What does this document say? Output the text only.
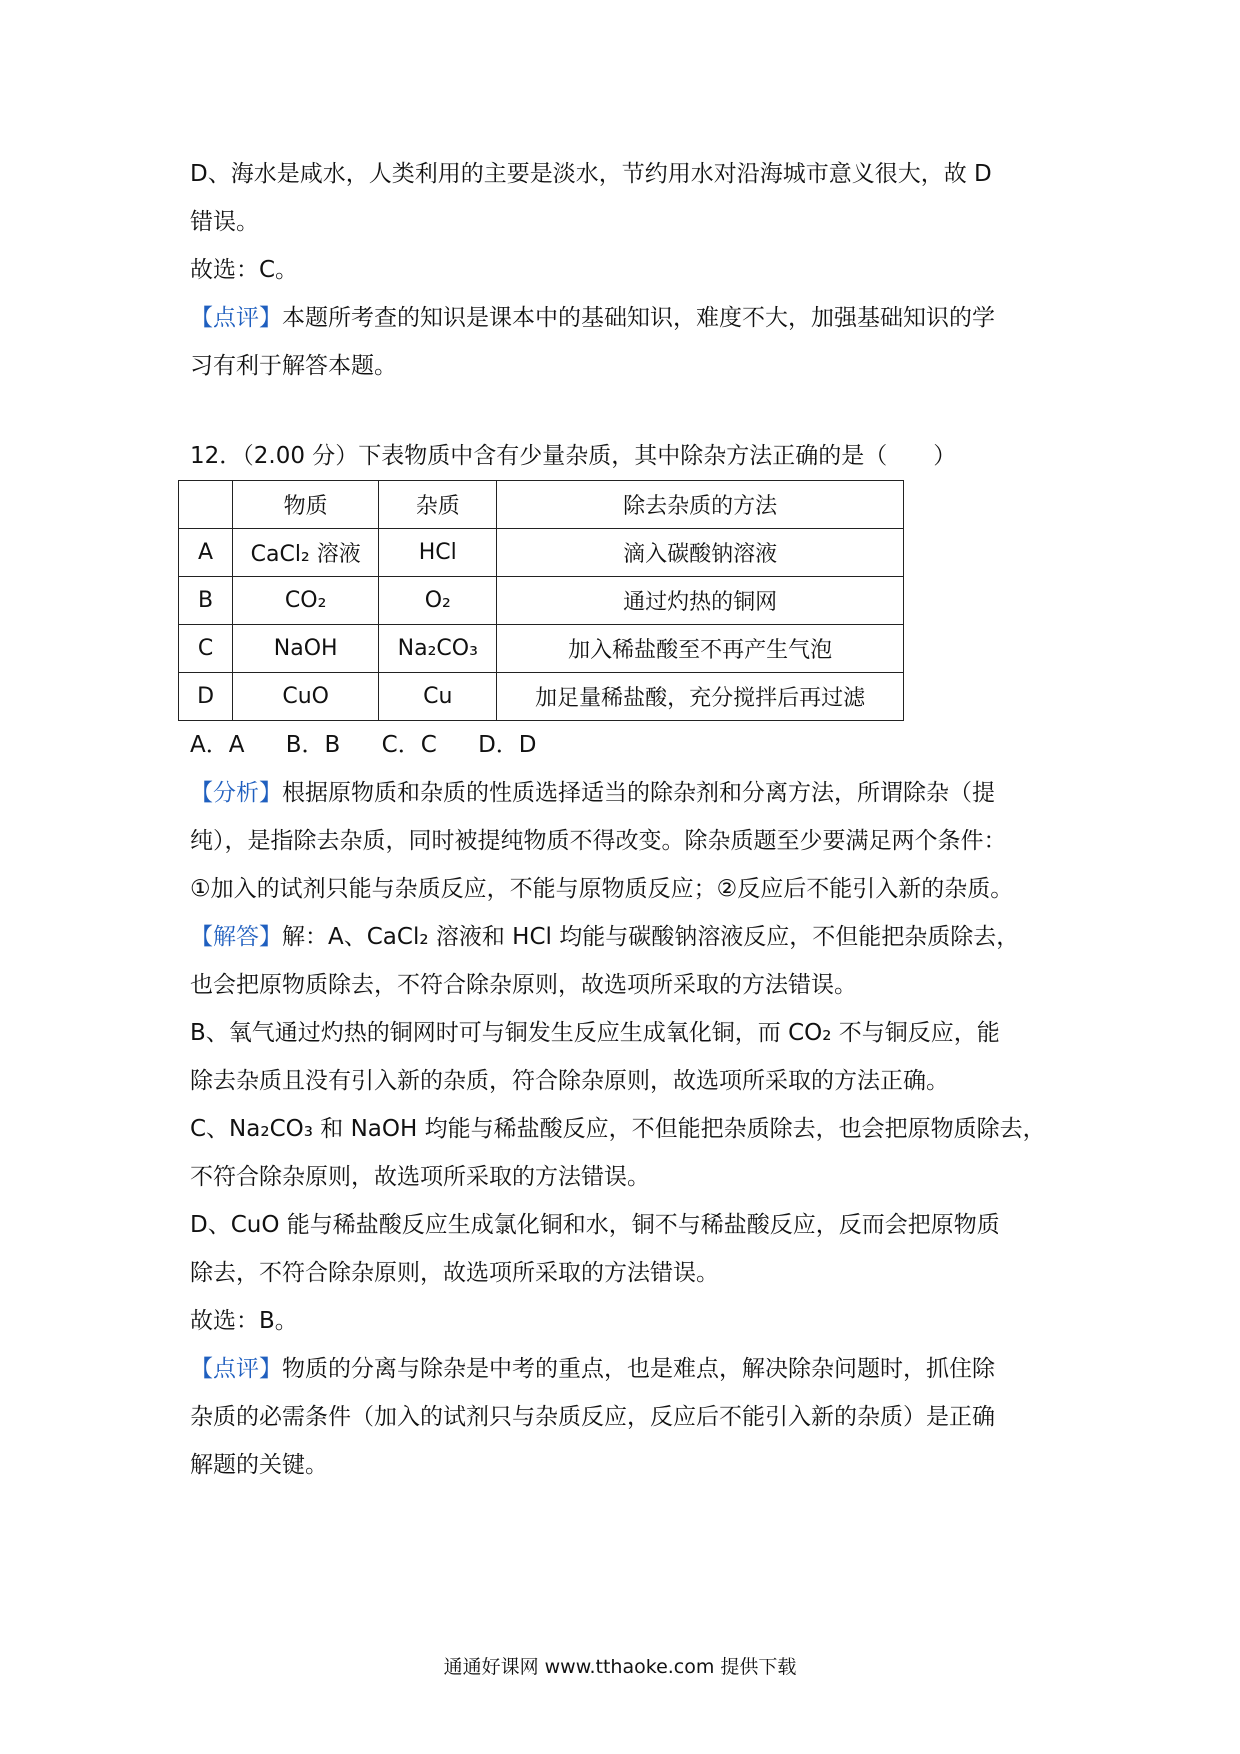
D、海水是咸水，人类利用的主要是淡水，节约用水对沿海城市意义很大，故 D

错误。

故选：C。

【点评】本题所考查的知识是课本中的基础知识，难度不大，加强基础知识的学

习有利于解答本题。

12．（2.00 分）下表物质中含有少量杂质，其中除杂方法正确的是（　　）

	物质	杂质	除去杂质的方法
A	CaCl₂ 溶液	HCl	滴入碳酸钠溶液
B	CO₂	O₂	通过灼热的铜网
C	NaOH	Na₂CO₃	加入稀盐酸至不再产生气泡
D	CuO	Cu	加足量稀盐酸，充分搅拌后再过滤

A．A B．B C．C D．D

【分析】根据原物质和杂质的性质选择适当的除杂剂和分离方法，所谓除杂（提

纯），是指除去杂质，同时被提纯物质不得改变。除杂质题至少要满足两个条件：

①加入的试剂只能与杂质反应，不能与原物质反应；②反应后不能引入新的杂质。

【解答】解：A、CaCl₂ 溶液和 HCl 均能与碳酸钠溶液反应，不但能把杂质除去，

也会把原物质除去，不符合除杂原则，故选项所采取的方法错误。

B、氧气通过灼热的铜网时可与铜发生反应生成氧化铜，而 CO₂ 不与铜反应，能

除去杂质且没有引入新的杂质，符合除杂原则，故选项所采取的方法正确。

C、Na₂CO₃ 和 NaOH 均能与稀盐酸反应，不但能把杂质除去，也会把原物质除去，

不符合除杂原则，故选项所采取的方法错误。

D、CuO 能与稀盐酸反应生成氯化铜和水，铜不与稀盐酸反应，反而会把原物质

除去，不符合除杂原则，故选项所采取的方法错误。

故选：B。

【点评】物质的分离与除杂是中考的重点，也是难点，解决除杂问题时，抓住除

杂质的必需条件（加入的试剂只与杂质反应，反应后不能引入新的杂质）是正确

解题的关键。

通通好课网 www.tthaoke.com 提供下载
